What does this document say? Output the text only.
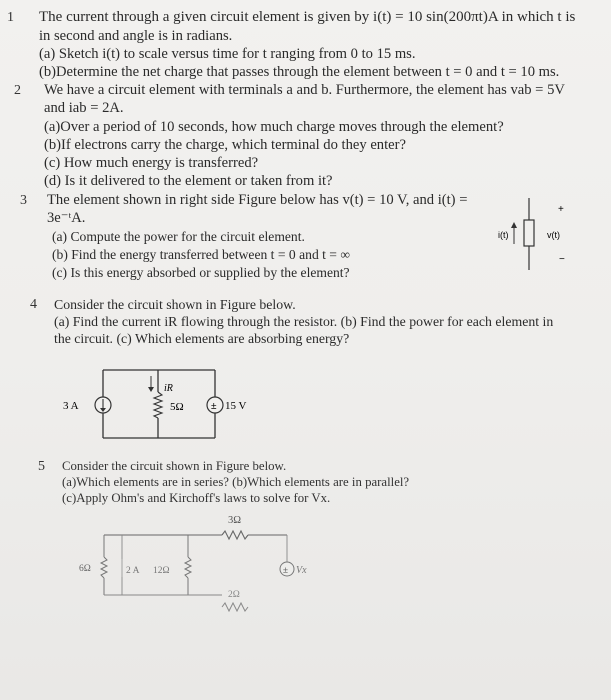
1 The current through a given circuit element is given by i(t) = 10 sin(200πt)A in which t is
in second and angle is in radians.
(a) Sketch i(t) to scale versus time for t ranging from 0 to 15 ms.
(b)Determine the net charge that passes through the element between t = 0 and t = 10 ms.
2 We have a circuit element with terminals a and b. Furthermore, the element has vab = 5V
and iab = 2A.
(a)Over a period of 10 seconds, how much charge moves through the element?
(b)If electrons carry the charge, which terminal do they enter?
(c) How much energy is transferred?
(d) Is it delivered to the element or taken from it?
3 The element shown in right side Figure below has v(t) = 10 V, and i(t) =
3e⁻ᵗA.
(a) Compute the power for the circuit element.
(b) Find the energy transferred between t = 0 and t = ∞
(c) Is this energy absorbed or supplied by the element?
i(t)	v(t)
+
−
4 Consider the circuit shown in Figure below.
(a) Find the current iR flowing through the resistor. (b) Find the power for each element in
the circuit. (c) Which elements are absorbing energy?
3 A
iR
5Ω	± 15 V
5 Consider the circuit shown in Figure below.
(a)Which elements are in series? (b)Which elements are in parallel?
(c)Apply Ohm's and Kirchoff's laws to solve for Vx.
3Ω
6Ω	2 A 12Ω
2Ω
± Vx
